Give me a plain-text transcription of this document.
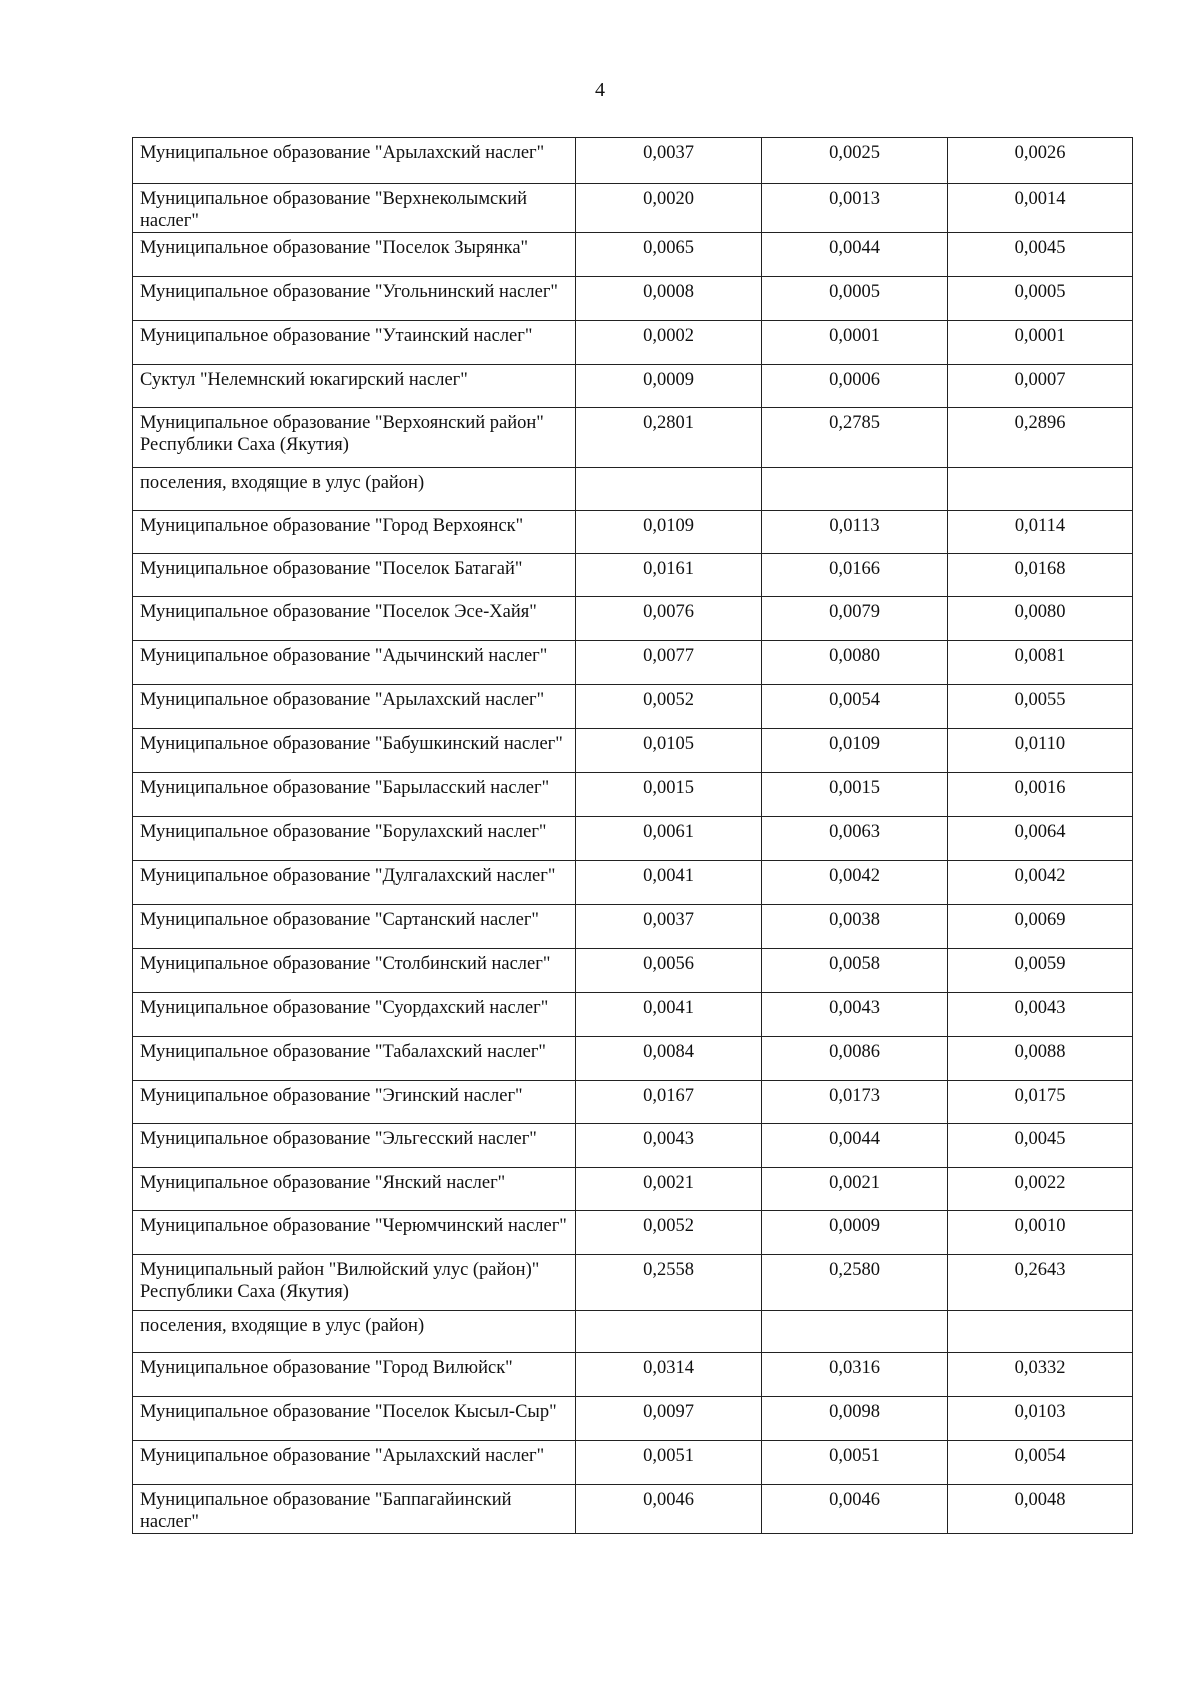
4
Муниципальное образование "Арылахский наслег"	0,0037	0,0025	0,0026
Муниципальное образование "Верхнеколымский наслег"	0,0020	0,0013	0,0014
Муниципальное образование "Поселок Зырянка"	0,0065	0,0044	0,0045
Муниципальное образование "Угольнинский наслег"	0,0008	0,0005	0,0005
Муниципальное образование "Утаинский наслег"	0,0002	0,0001	0,0001
Суктул "Нелемнский юкагирский наслег"	0,0009	0,0006	0,0007
Муниципальное образование "Верхоянский район" Республики Саха (Якутия)	0,2801	0,2785	0,2896
поселения, входящие в улус (район)			
Муниципальное образование "Город Верхоянск"	0,0109	0,0113	0,0114
Муниципальное образование "Поселок Батагай"	0,0161	0,0166	0,0168
Муниципальное образование "Поселок Эсе-Хайя"	0,0076	0,0079	0,0080
Муниципальное образование "Адычинский наслег"	0,0077	0,0080	0,0081
Муниципальное образование "Арылахский наслег"	0,0052	0,0054	0,0055
Муниципальное образование "Бабушкинский наслег"	0,0105	0,0109	0,0110
Муниципальное образование "Барыласский наслег"	0,0015	0,0015	0,0016
Муниципальное образование "Борулахский наслег"	0,0061	0,0063	0,0064
Муниципальное образование "Дулгалахский наслег"	0,0041	0,0042	0,0042
Муниципальное образование "Сартанский наслег"	0,0037	0,0038	0,0069
Муниципальное образование "Столбинский наслег"	0,0056	0,0058	0,0059
Муниципальное образование "Суордахский наслег"	0,0041	0,0043	0,0043
Муниципальное образование "Табалахский наслег"	0,0084	0,0086	0,0088
Муниципальное образование "Эгинский наслег"	0,0167	0,0173	0,0175
Муниципальное образование "Эльгесский наслег"	0,0043	0,0044	0,0045
Муниципальное образование "Янский наслег"	0,0021	0,0021	0,0022
Муниципальное образование "Черюмчинский наслег"	0,0052	0,0009	0,0010
Муниципальный район "Вилюйский улус (район)" Республики Саха (Якутия)	0,2558	0,2580	0,2643
поселения, входящие в улус (район)			
Муниципальное образование "Город Вилюйск"	0,0314	0,0316	0,0332
Муниципальное образование "Поселок Кысыл-Сыр"	0,0097	0,0098	0,0103
Муниципальное образование "Арылахский наслег"	0,0051	0,0051	0,0054
Муниципальное образование "Баппагайинский наслег"	0,0046	0,0046	0,0048
